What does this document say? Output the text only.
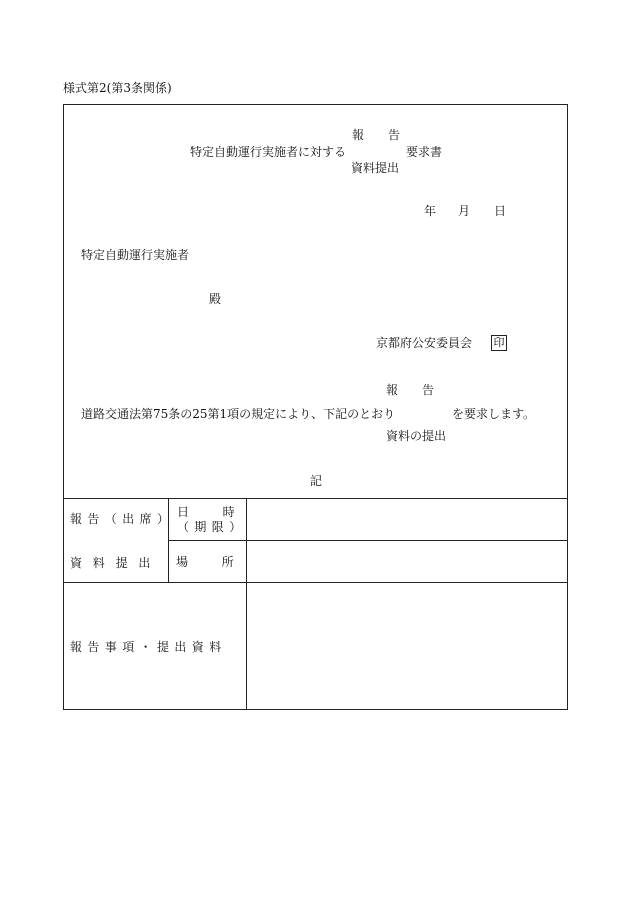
様式第2(第3条関係)
報　　告
特定自動運行実施者に対する	要求書
資料提出
年 月 日
特定自動運行実施者
殿
京都府公安委員会 印
報　　告
道路交通法第75条の25第1項の規定により、下記のとおり	を要求します。
資料の提出
記
報告（出席）
資料提出
日　時
（期限）
場　所
報告事項・提出資料
